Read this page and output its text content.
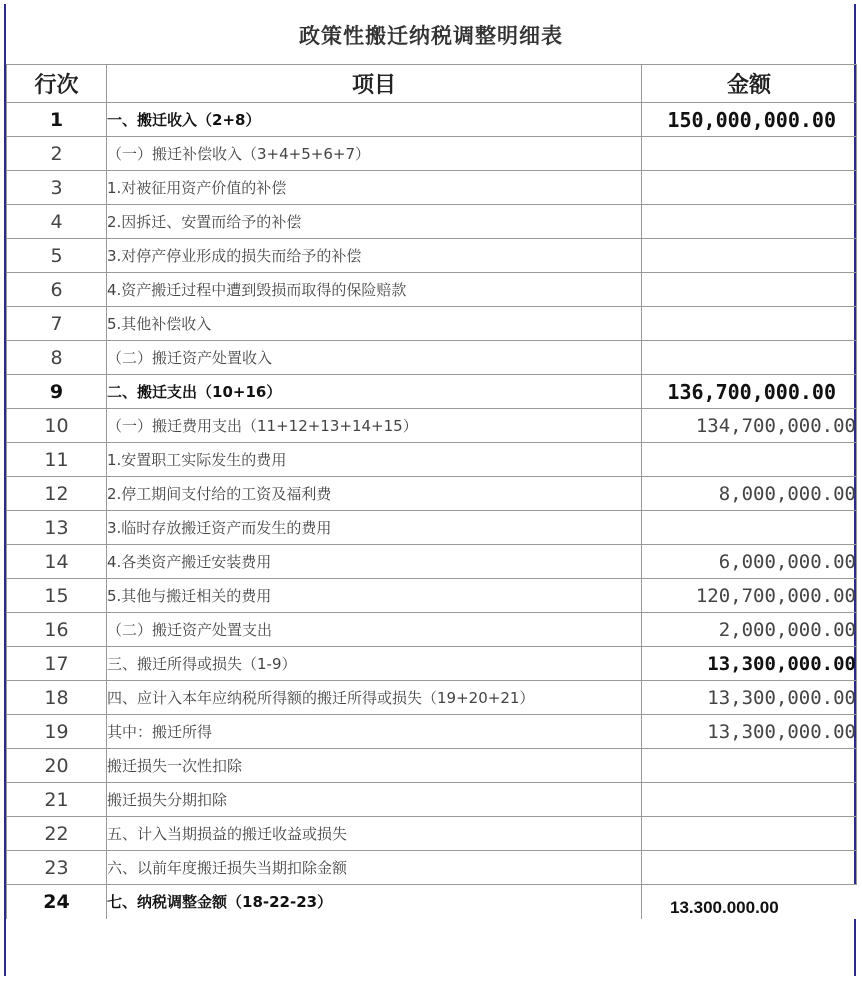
政策性搬迁纳税调整明细表
行次	项目	金额
1	一、搬迁收入（2+8）	150,000,000.00
2	（一）搬迁补偿收入（3+4+5+6+7）	
3	1.对被征用资产价值的补偿	
4	2.因拆迁、安置而给予的补偿	
5	3.对停产停业形成的损失而给予的补偿	
6	4.资产搬迁过程中遭到毁损而取得的保险赔款	
7	5.其他补偿收入	
8	（二）搬迁资产处置收入	
9	二、搬迁支出（10+16）	136,700,000.00
10	（一）搬迁费用支出（11+12+13+14+15）	134,700,000.00
11	1.安置职工实际发生的费用	
12	2.停工期间支付给的工资及福利费	8,000,000.00
13	3.临时存放搬迁资产而发生的费用	
14	4.各类资产搬迁安装费用	6,000,000.00
15	5.其他与搬迁相关的费用	120,700,000.00
16	（二）搬迁资产处置支出	2,000,000.00
17	三、搬迁所得或损失（1-9）	13,300,000.00
18	四、应计入本年应纳税所得额的搬迁所得或损失（19+20+21）	13,300,000.00
19	其中：搬迁所得	13,300,000.00
20	搬迁损失一次性扣除	
21	搬迁损失分期扣除	
22	五、计入当期损益的搬迁收益或损失	
23	六、以前年度搬迁损失当期扣除金额	
24	七、纳税调整金额（18-22-23）	13.300.000.00
